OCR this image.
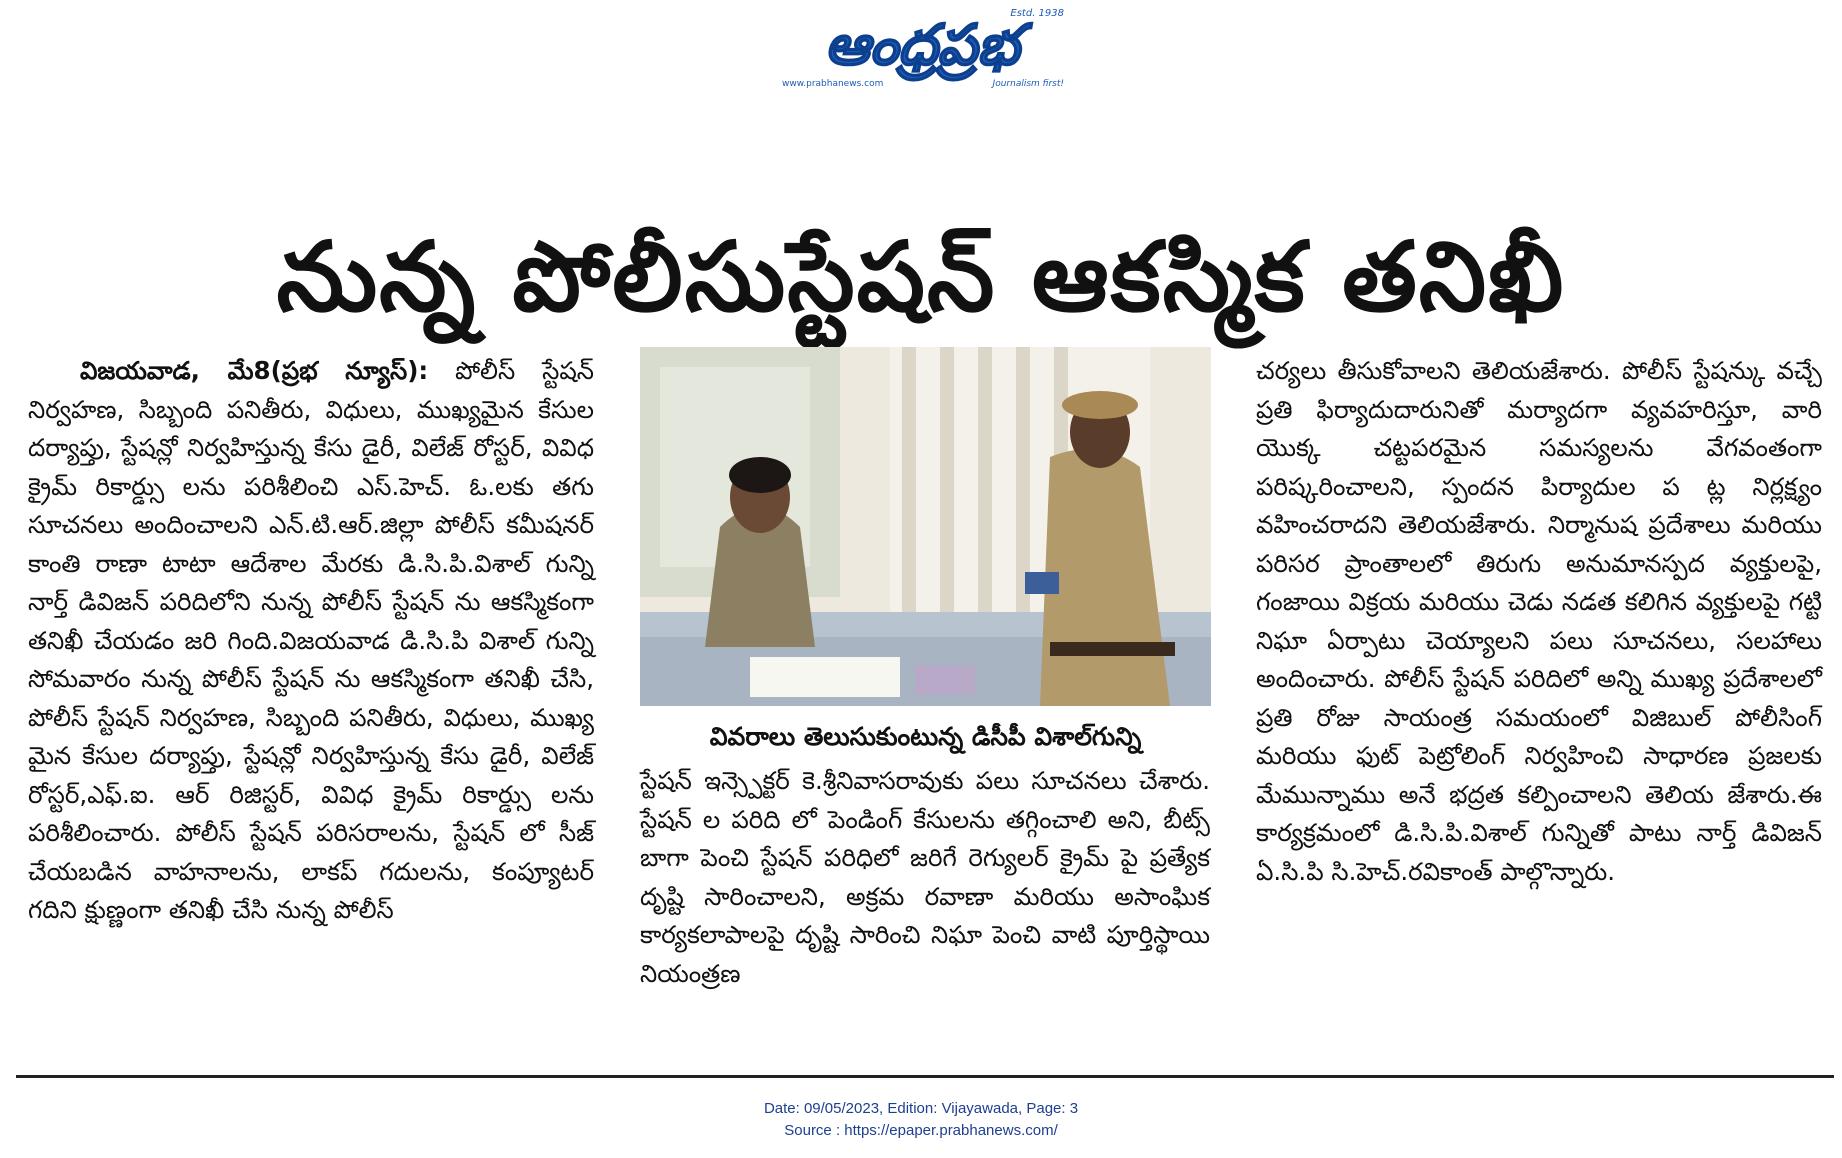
ఆంధ్రప్రభ
Estd. 1938
www.prabhanews.com	Journalism first!
నున్న పోలీసుస్టేషన్ ఆకస్మిక తనిఖీ

విజయవాడ, మే8(ప్రభ న్యూస్): పోలీస్ స్టేషన్ నిర్వహణ, సిబ్బంది పనితీరు, విధులు, ముఖ్యమైన కేసుల దర్యాప్తు, స్టేషన్లో నిర్వహిస్తున్న కేసు డైరీ, విలేజ్ రోస్టర్, వివిధ క్రైమ్ రికార్డ్సు లను పరిశీలించి ఎస్.హెచ్. ఓ.లకు తగు సూచనలు అందించాలని ఎన్.టి.ఆర్.జిల్లా పోలీస్ కమీషనర్ కాంతి రాణా టాటా ఆదేశాల మేరకు డి.సి.పి.విశాల్ గున్ని నార్త్ డివిజన్ పరిదిలోని నున్న పోలీస్ స్టేషన్ ను ఆకస్మికంగా తనిఖీ చేయడం జరి గింది.విజయవాడ డి.సి.పి విశాల్ గున్ని సోమవారం నున్న పోలీస్ స్టేషన్ ను ఆకస్మికంగా తనిఖీ చేసి, పోలీస్ స్టేషన్ నిర్వహణ, సిబ్బంది పనితీరు, విధులు, ముఖ్య మైన కేసుల దర్యాప్తు, స్టేషన్లో నిర్వహిస్తున్న కేసు డైరీ, విలేజ్ రోస్టర్,ఎఫ్.ఐ. ఆర్ రిజిస్టర్, వివిధ క్రైమ్ రికార్డ్సు లను పరిశీలించారు. పోలీస్ స్టేషన్ పరిసరాలను, స్టేషన్ లో సీజ్ చేయబడిన వాహనాలను, లాకప్ గదులను, కంప్యూటర్ గదిని క్షుణ్ణంగా తనిఖీ చేసి నున్న పోలీస్

వివరాలు తెలుసుకుంటున్న డిసీపీ విశాల్‌గున్ని

స్టేషన్ ఇన్స్పెక్టర్ కె.శ్రీనివాసరావుకు పలు సూచనలు చేశారు. స్టేషన్ ల పరిది లో పెండింగ్ కేసులను తగ్గించాలి అని, బీట్స్ బాగా పెంచి స్టేషన్ పరిధిలో జరిగే రెగ్యులర్ క్రైమ్ పై ప్రత్యేక దృష్టి సారించాలని, అక్రమ రవాణా మరియు అసాంఘిక కార్యకలాపాలపై దృష్టి సారించి నిఘా పెంచి వాటి పూర్తిస్థాయి నియంత్రణ

చర్యలు తీసుకోవాలని తెలియజేశారు. పోలీస్ స్టేషన్కు వచ్చే ప్రతి ఫిర్యాదుదారునితో మర్యాదగా వ్యవహరిస్తూ, వారి యొక్క చట్టపరమైన సమస్యలను వేగవంతంగా పరిష్కరించాలని, స్పందన పిర్యాదుల ప ట్ల నిర్లక్ష్యం వహించరాదని తెలియజేశారు. నిర్మానుష ప్రదేశాలు మరియు పరిసర ప్రాంతాలలో తిరుగు అనుమానస్పద వ్యక్తులపై, గంజాయి విక్రయ మరియు చెడు నడత కలిగిన వ్యక్తులపై గట్టి నిఘా ఏర్పాటు చెయ్యాలని పలు సూచనలు, సలహాలు అందించారు. పోలీస్ స్టేషన్ పరిదిలో అన్ని ముఖ్య ప్రదేశాలలో ప్రతి రోజు సాయంత్ర సమయంలో విజిబుల్ పోలీసింగ్ మరియు ఫుట్ పెట్రోలింగ్ నిర్వహించి సాధారణ ప్రజలకు మేమున్నాము అనే భద్రత కల్పించాలని తెలియ జేశారు.ఈ కార్యక్రమంలో డి.సి.పి.విశాల్ గున్నితో పాటు నార్త్ డివిజన్ ఏ.సి.పి సి.హెచ్.రవికాంత్ పాల్గొన్నారు.

Date: 09/05/2023, Edition: Vijayawada, Page: 3
Source : https://epaper.prabhanews.com/
